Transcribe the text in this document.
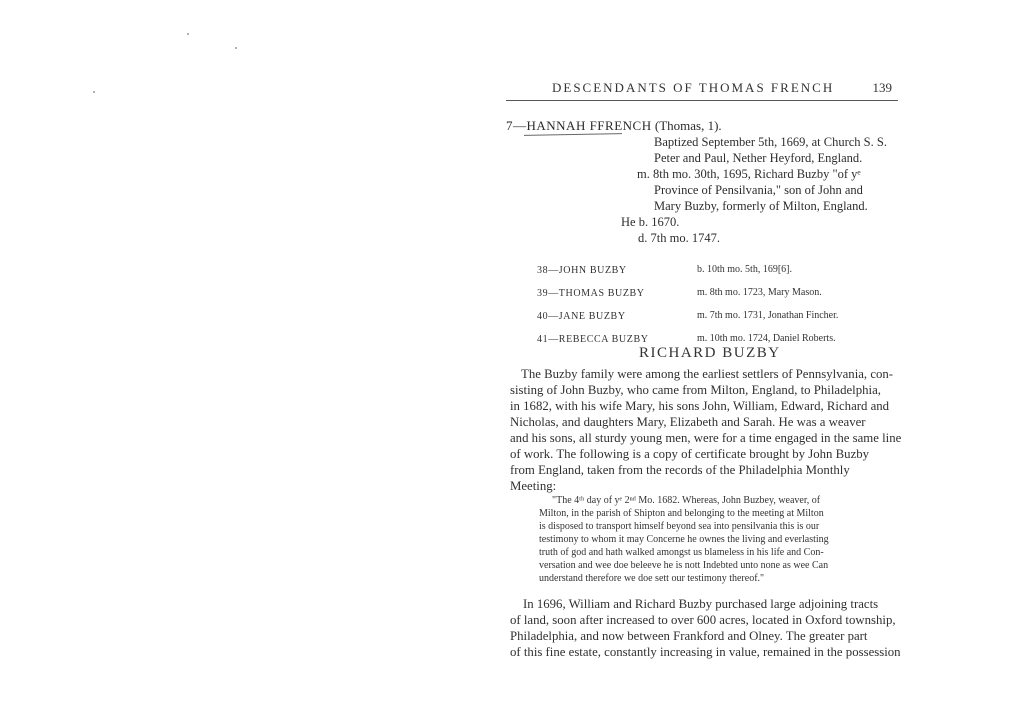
DESCENDANTS OF THOMAS FRENCH	139
7—HANNAH FFRENCH (Thomas, 1).
Baptized September 5th, 1669, at Church S. S.
Peter and Paul, Nether Heyford, England.
m. 8th mo. 30th, 1695, Richard Buzby "of yᵉ
Province of Pensilvania," son of John and
Mary Buzby, formerly of Milton, England.
He b. 1670.
d. 7th mo. 1747.
38—JOHN BUZBY	b. 10th mo. 5th, 169[6].
39—THOMAS BUZBY	m. 8th mo. 1723, Mary Mason.
40—JANE BUZBY	m. 7th mo. 1731, Jonathan Fincher.
41—REBECCA BUZBY	m. 10th mo. 1724, Daniel Roberts.
RICHARD BUZBY
The Buzby family were among the earliest settlers of Pennsylvania, con-
sisting of John Buzby, who came from Milton, England, to Philadelphia,
in 1682, with his wife Mary, his sons John, William, Edward, Richard and
Nicholas, and daughters Mary, Elizabeth and Sarah. He was a weaver
and his sons, all sturdy young men, were for a time engaged in the same line
of work. The following is a copy of certificate brought by John Buzby
from England, taken from the records of the Philadelphia Monthly
Meeting:
"The 4ᵗʰ day of yᵉ 2ⁿᵈ Mo. 1682. Whereas, John Buzbey, weaver, of
Milton, in the parish of Shipton and belonging to the meeting at Milton
is disposed to transport himself beyond sea into pensilvania this is our
testimony to whom it may Concerne he ownes the living and everlasting
truth of god and hath walked amongst us blameless in his life and Con-
versation and wee doe beleeve he is nott Indebted unto none as wee Can
understand therefore we doe sett our testimony thereof."
In 1696, William and Richard Buzby purchased large adjoining tracts
of land, soon after increased to over 600 acres, located in Oxford township,
Philadelphia, and now between Frankford and Olney. The greater part
of this fine estate, constantly increasing in value, remained in the possession
